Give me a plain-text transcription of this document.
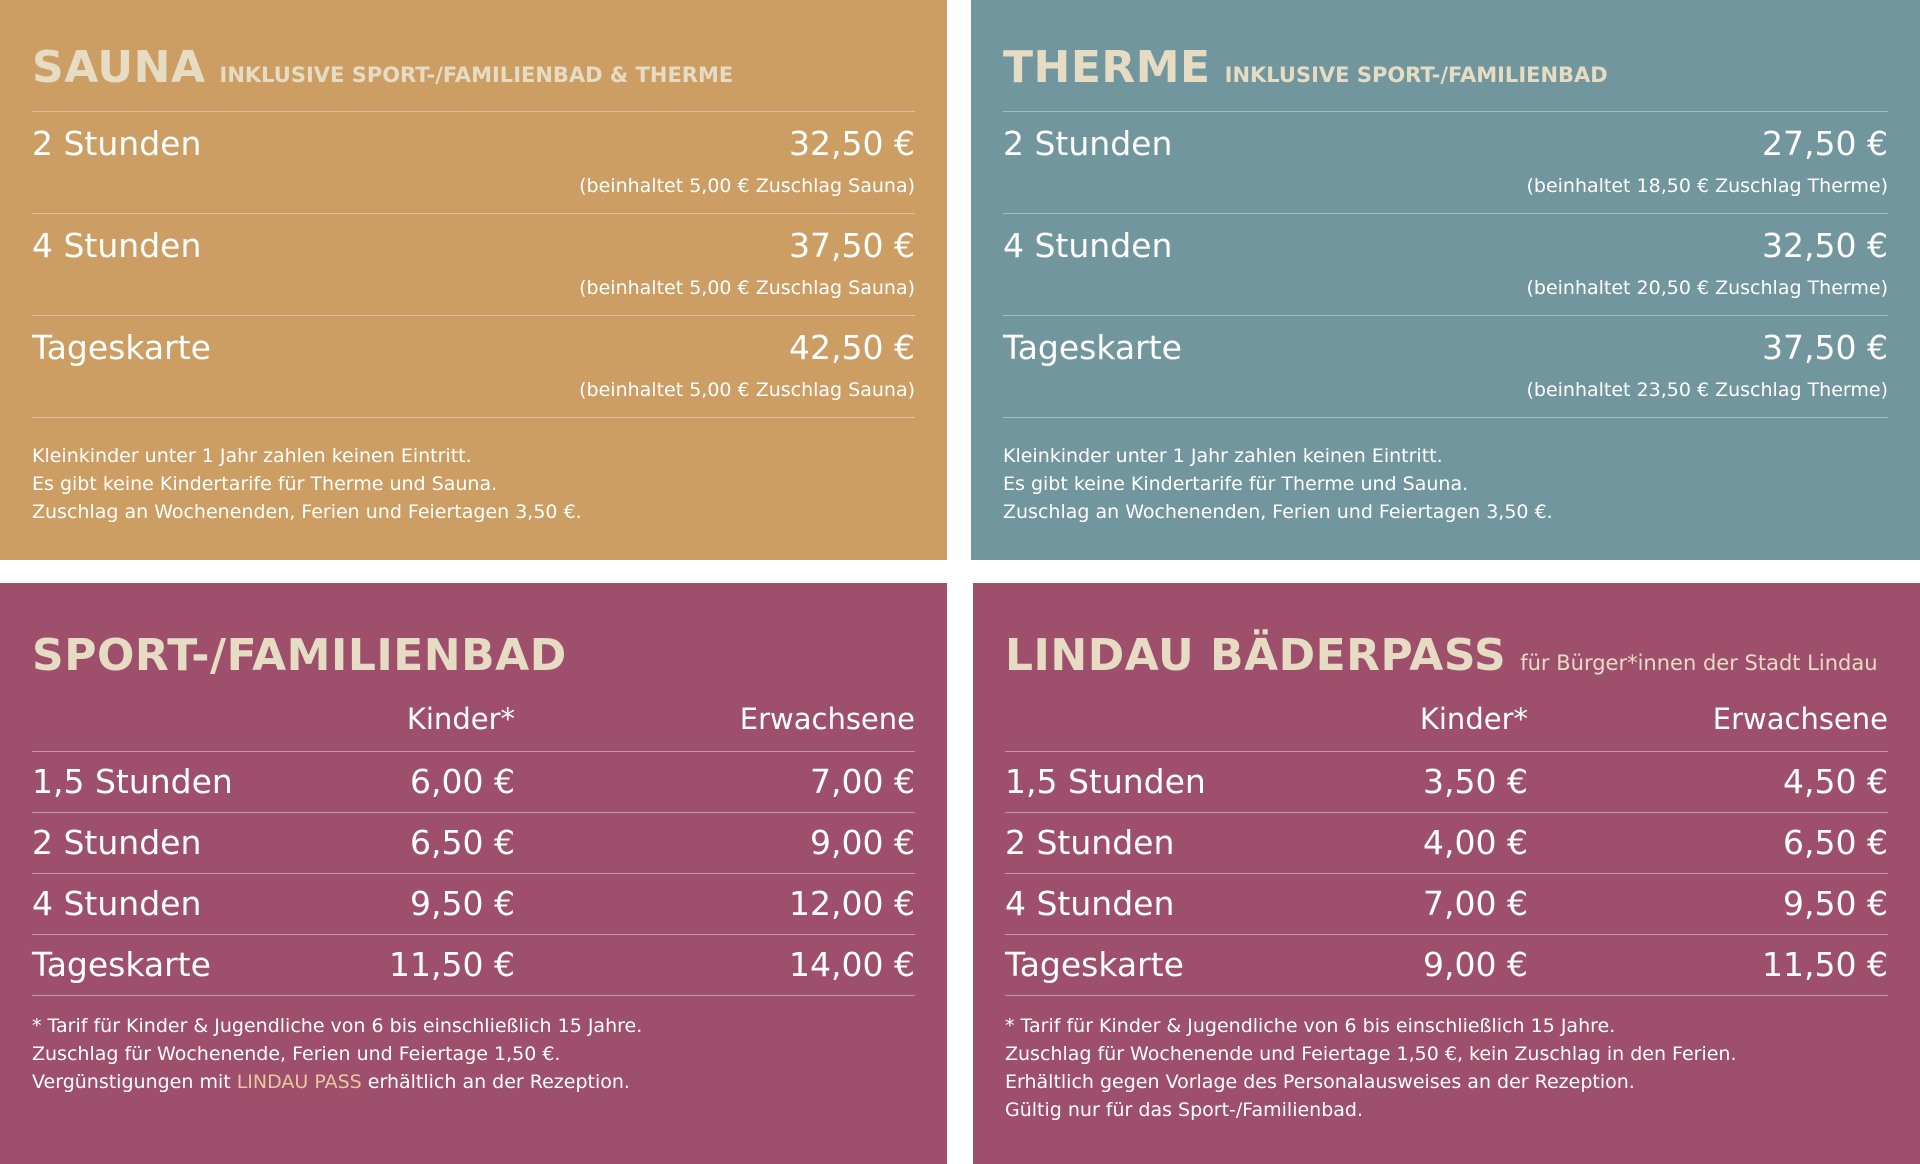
SAUNA INKLUSIVE SPORT-/FAMILIENBAD & THERME
2 Stunden	32,50 €
(beinhaltet 5,00 € Zuschlag Sauna)
4 Stunden	37,50 €
(beinhaltet 5,00 € Zuschlag Sauna)
Tageskarte	42,50 €
(beinhaltet 5,00 € Zuschlag Sauna)
Kleinkinder unter 1 Jahr zahlen keinen Eintritt.
Es gibt keine Kindertarife für Therme und Sauna.
Zuschlag an Wochenenden, Ferien und Feiertagen 3,50 €.
THERME INKLUSIVE SPORT-/FAMILIENBAD
2 Stunden	27,50 €
(beinhaltet 18,50 € Zuschlag Therme)
4 Stunden	32,50 €
(beinhaltet 20,50 € Zuschlag Therme)
Tageskarte	37,50 €
(beinhaltet 23,50 € Zuschlag Therme)
Kleinkinder unter 1 Jahr zahlen keinen Eintritt.
Es gibt keine Kindertarife für Therme und Sauna.
Zuschlag an Wochenenden, Ferien und Feiertagen 3,50 €.
SPORT-/FAMILIENBAD
Kinder*	Erwachsene
1,5 Stunden	6,00 €	7,00 €
2 Stunden	6,50 €	9,00 €
4 Stunden	9,50 €	12,00 €
Tageskarte	11,50 €	14,00 €
* Tarif für Kinder & Jugendliche von 6 bis einschließlich 15 Jahre.
Zuschlag für Wochenende, Ferien und Feiertage 1,50 €.
Vergünstigungen mit LINDAU PASS erhältlich an der Rezeption.
LINDAU BÄDERPASS für Bürger*innen der Stadt Lindau
Kinder*	Erwachsene
1,5 Stunden	3,50 €	4,50 €
2 Stunden	4,00 €	6,50 €
4 Stunden	7,00 €	9,50 €
Tageskarte	9,00 €	11,50 €
* Tarif für Kinder & Jugendliche von 6 bis einschließlich 15 Jahre.
Zuschlag für Wochenende und Feiertage 1,50 €, kein Zuschlag in den Ferien.
Erhältlich gegen Vorlage des Personalausweises an der Rezeption.
Gültig nur für das Sport-/Familienbad.
